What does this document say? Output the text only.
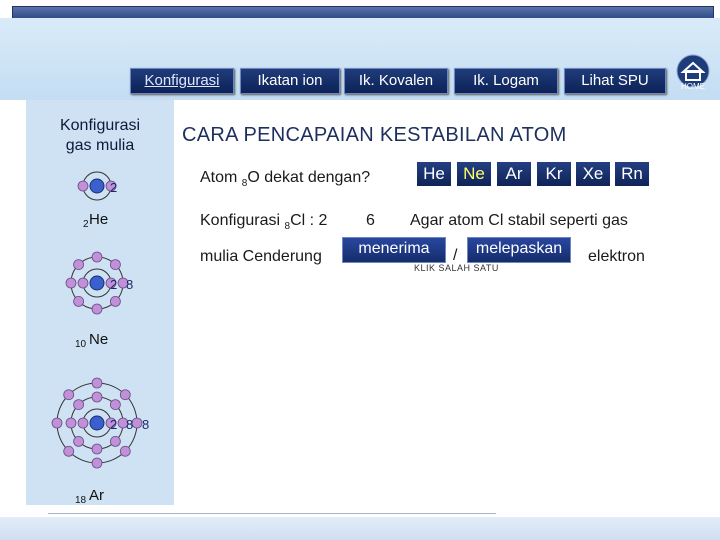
Konfigurasi	Ikatan ion	Ik. Kovalen	Ik. Logam	Lihat SPU	HOME
Konfigurasi
gas mulia
2
2 He
2 8
10 Ne
2 8 8
18 Ar
CARA PENCAPAIAN KESTABILAN ATOM
Atom $_8$O dekat dengan?	He	Ne	Ar	Kr	Xe	Rn
Konfigurasi $_8$Cl : 2 6 Agar atom Cl stabil seperti gas
mulia Cenderung	menerima	/	melepaskan	elektron
KLIK SALAH SATU
